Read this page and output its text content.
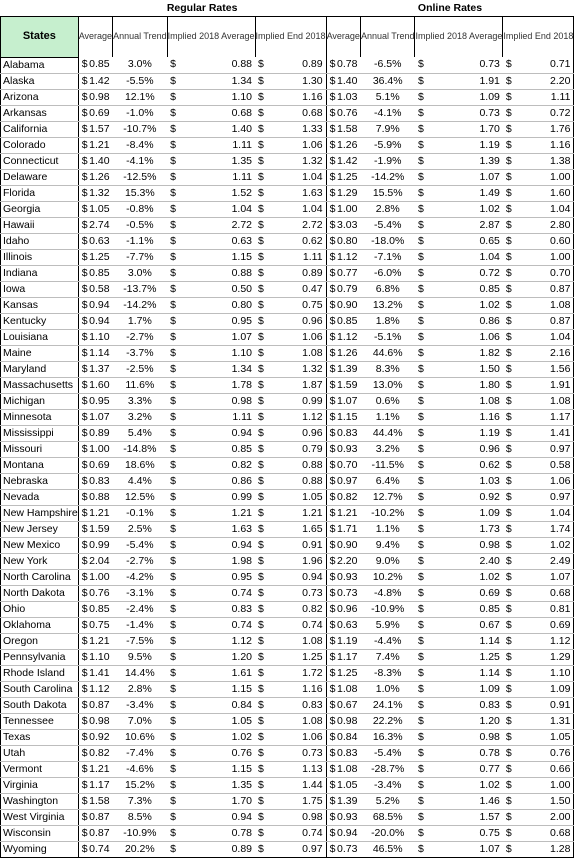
	Regular Rates				Online Rates			
States	Average	Annual Trend	Implied 2018 Average	Implied End 2018	Average	Annual Trend	Implied 2018 Average	Implied End 2018
Alabama	$ 0.85	3.0%	$ 0.88	$ 0.89	$ 0.78	-6.5%	$ 0.73	$ 0.71

Alaska	$ 1.42	-5.5%	$ 1.34	$ 1.30	$ 1.40	36.4%	$ 1.91	$ 2.20

Arizona	$ 0.98	12.1%	$ 1.10	$ 1.16	$ 1.03	5.1%	$ 1.09	$ 1.11

Arkansas	$ 0.69	-1.0%	$ 0.68	$ 0.68	$ 0.76	-4.1%	$ 0.73	$ 0.72

California	$ 1.57	-10.7%	$ 1.40	$ 1.33	$ 1.58	7.9%	$ 1.70	$ 1.76

Colorado	$ 1.21	-8.4%	$ 1.11	$ 1.06	$ 1.26	-5.9%	$ 1.19	$ 1.16

Connecticut	$ 1.40	-4.1%	$ 1.35	$ 1.32	$ 1.42	-1.9%	$ 1.39	$ 1.38

Delaware	$ 1.26	-12.5%	$ 1.11	$ 1.04	$ 1.25	-14.2%	$ 1.07	$ 1.00

Florida	$ 1.32	15.3%	$ 1.52	$ 1.63	$ 1.29	15.5%	$ 1.49	$ 1.60

Georgia	$ 1.05	-0.8%	$ 1.04	$ 1.04	$ 1.00	2.8%	$ 1.02	$ 1.04

Hawaii	$ 2.74	-0.5%	$ 2.72	$ 2.72	$ 3.03	-5.4%	$ 2.87	$ 2.80

Idaho	$ 0.63	-1.1%	$ 0.63	$ 0.62	$ 0.80	-18.0%	$ 0.65	$ 0.60

Illinois	$ 1.25	-7.7%	$ 1.15	$ 1.11	$ 1.12	-7.1%	$ 1.04	$ 1.00

Indiana	$ 0.85	3.0%	$ 0.88	$ 0.89	$ 0.77	-6.0%	$ 0.72	$ 0.70

Iowa	$ 0.58	-13.7%	$ 0.50	$ 0.47	$ 0.79	6.8%	$ 0.85	$ 0.87

Kansas	$ 0.94	-14.2%	$ 0.80	$ 0.75	$ 0.90	13.2%	$ 1.02	$ 1.08

Kentucky	$ 0.94	1.7%	$ 0.95	$ 0.96	$ 0.85	1.8%	$ 0.86	$ 0.87

Louisiana	$ 1.10	-2.7%	$ 1.07	$ 1.06	$ 1.12	-5.1%	$ 1.06	$ 1.04

Maine	$ 1.14	-3.7%	$ 1.10	$ 1.08	$ 1.26	44.6%	$ 1.82	$ 2.16

Maryland	$ 1.37	-2.5%	$ 1.34	$ 1.32	$ 1.39	8.3%	$ 1.50	$ 1.56

Massachusetts	$ 1.60	11.6%	$ 1.78	$ 1.87	$ 1.59	13.0%	$ 1.80	$ 1.91

Michigan	$ 0.95	3.3%	$ 0.98	$ 0.99	$ 1.07	0.6%	$ 1.08	$ 1.08

Minnesota	$ 1.07	3.2%	$ 1.11	$ 1.12	$ 1.15	1.1%	$ 1.16	$ 1.17

Mississippi	$ 0.89	5.4%	$ 0.94	$ 0.96	$ 0.83	44.4%	$ 1.19	$ 1.41

Missouri	$ 1.00	-14.8%	$ 0.85	$ 0.79	$ 0.93	3.2%	$ 0.96	$ 0.97

Montana	$ 0.69	18.6%	$ 0.82	$ 0.88	$ 0.70	-11.5%	$ 0.62	$ 0.58

Nebraska	$ 0.83	4.4%	$ 0.86	$ 0.88	$ 0.97	6.4%	$ 1.03	$ 1.06

Nevada	$ 0.88	12.5%	$ 0.99	$ 1.05	$ 0.82	12.7%	$ 0.92	$ 0.97

New Hampshire	$ 1.21	-0.1%	$ 1.21	$ 1.21	$ 1.21	-10.2%	$ 1.09	$ 1.04

New Jersey	$ 1.59	2.5%	$ 1.63	$ 1.65	$ 1.71	1.1%	$ 1.73	$ 1.74

New Mexico	$ 0.99	-5.4%	$ 0.94	$ 0.91	$ 0.90	9.4%	$ 0.98	$ 1.02

New York	$ 2.04	-2.7%	$ 1.98	$ 1.96	$ 2.20	9.0%	$ 2.40	$ 2.49

North Carolina	$ 1.00	-4.2%	$ 0.95	$ 0.94	$ 0.93	10.2%	$ 1.02	$ 1.07

North Dakota	$ 0.76	-3.1%	$ 0.74	$ 0.73	$ 0.73	-4.8%	$ 0.69	$ 0.68

Ohio	$ 0.85	-2.4%	$ 0.83	$ 0.82	$ 0.96	-10.9%	$ 0.85	$ 0.81

Oklahoma	$ 0.75	-1.4%	$ 0.74	$ 0.74	$ 0.63	5.9%	$ 0.67	$ 0.69

Oregon	$ 1.21	-7.5%	$ 1.12	$ 1.08	$ 1.19	-4.4%	$ 1.14	$ 1.12

Pennsylvania	$ 1.10	9.5%	$ 1.20	$ 1.25	$ 1.17	7.4%	$ 1.25	$ 1.29

Rhode Island	$ 1.41	14.4%	$ 1.61	$ 1.72	$ 1.25	-8.3%	$ 1.14	$ 1.10

South Carolina	$ 1.12	2.8%	$ 1.15	$ 1.16	$ 1.08	1.0%	$ 1.09	$ 1.09

South Dakota	$ 0.87	-3.4%	$ 0.84	$ 0.83	$ 0.67	24.1%	$ 0.83	$ 0.91

Tennessee	$ 0.98	7.0%	$ 1.05	$ 1.08	$ 0.98	22.2%	$ 1.20	$ 1.31

Texas	$ 0.92	10.6%	$ 1.02	$ 1.06	$ 0.84	16.3%	$ 0.98	$ 1.05

Utah	$ 0.82	-7.4%	$ 0.76	$ 0.73	$ 0.83	-5.4%	$ 0.78	$ 0.76

Vermont	$ 1.21	-4.6%	$ 1.15	$ 1.13	$ 1.08	-28.7%	$ 0.77	$ 0.66

Virginia	$ 1.17	15.2%	$ 1.35	$ 1.44	$ 1.05	-3.4%	$ 1.02	$ 1.00

Washington	$ 1.58	7.3%	$ 1.70	$ 1.75	$ 1.39	5.2%	$ 1.46	$ 1.50

West Virginia	$ 0.87	8.5%	$ 0.94	$ 0.98	$ 0.93	68.5%	$ 1.57	$ 2.00

Wisconsin	$ 0.87	-10.9%	$ 0.78	$ 0.74	$ 0.94	-20.0%	$ 0.75	$ 0.68

Wyoming	$ 0.74	20.2%	$ 0.89	$ 0.97	$ 0.73	46.5%	$ 1.07	$ 1.28
